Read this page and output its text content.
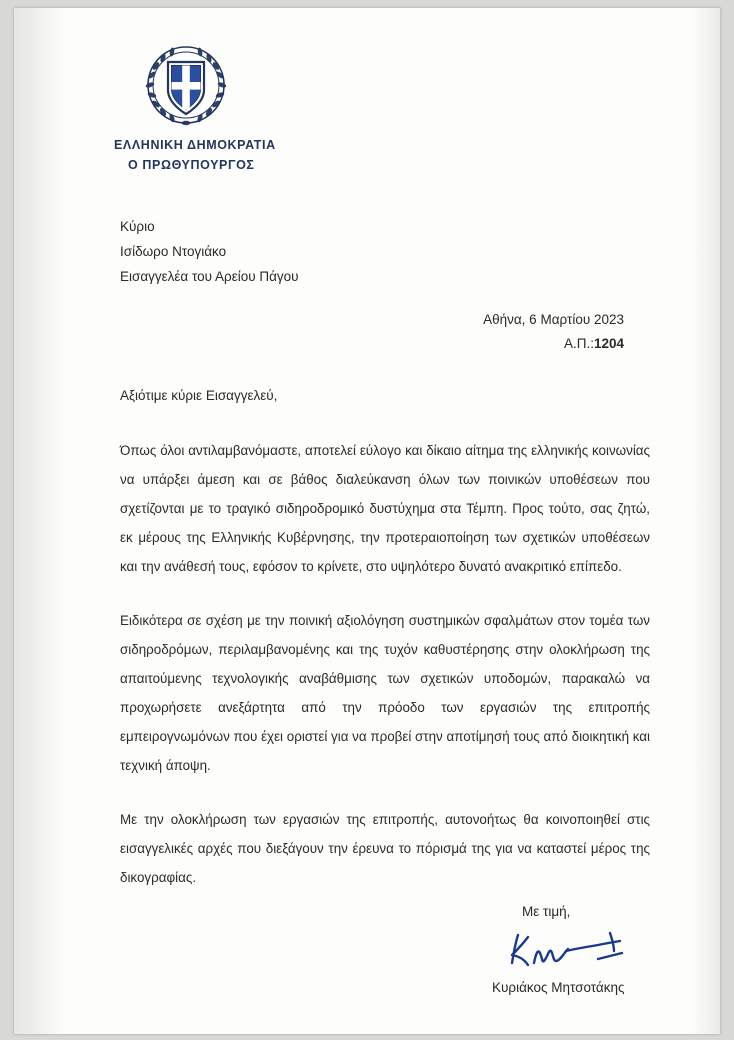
ΕΛΛΗΝΙΚΗ ΔΗΜΟΚΡΑΤΙΑ
Ο ΠΡΩΘΥΠΟΥΡΓΟΣ
Κύριο
Ισίδωρο Ντογιάκο
Εισαγγελέα του Αρείου Πάγου
Αθήνα, 6 Μαρτίου 2023
Α.Π.:1204
Αξιότιμε κύριε Εισαγγελεύ,

Όπως όλοι αντιλαμβανόμαστε, αποτελεί εύλογο και δίκαιο αίτημα της ελληνικής κοινωνίας να υπάρξει άμεση και σε βάθος διαλεύκανση όλων των ποινικών υποθέσεων που σχετίζονται με το τραγικό σιδηροδρομικό δυστύχημα στα Τέμπη. Προς τούτο, σας ζητώ, εκ μέρους της Ελληνικής Κυβέρνησης, την προτεραιοποίηση των σχετικών υποθέσεων και την ανάθεσή τους, εφόσον το κρίνετε, στο υψηλότερο δυνατό ανακριτικό επίπεδο.

Ειδικότερα σε σχέση με την ποινική αξιολόγηση συστημικών σφαλμάτων στον τομέα των σιδηροδρόμων, περιλαμβανομένης και της τυχόν καθυστέρησης στην ολοκλήρωση της απαιτούμενης τεχνολογικής αναβάθμισης των σχετικών υποδομών, παρακαλώ να προχωρήσετε ανεξάρτητα από την πρόοδο των εργασιών της επιτροπής εμπειρογνωμόνων που έχει οριστεί για να προβεί στην αποτίμησή τους από διοικητική και τεχνική άποψη.

Με την ολοκλήρωση των εργασιών της επιτροπής, αυτονοήτως θα κοινοποιηθεί στις εισαγγελικές αρχές που διεξάγουν την έρευνα το πόρισμά της για να καταστεί μέρος της δικογραφίας.

Με τιμή,
Κυριάκος Μητσοτάκης
